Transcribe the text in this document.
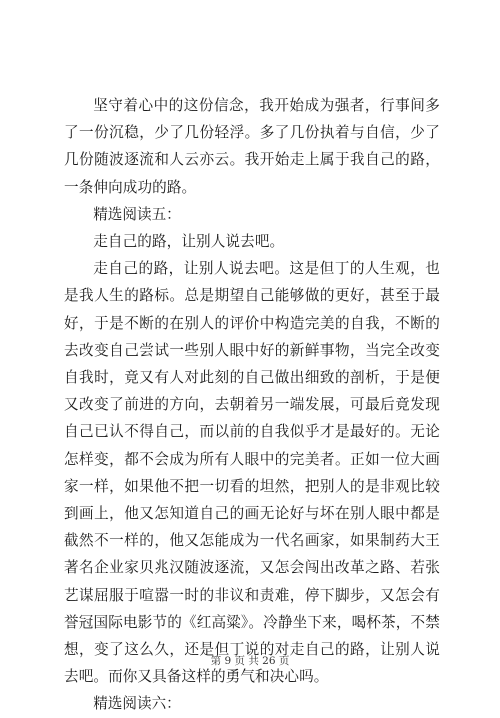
坚守着心中的这份信念，我开始成为强者，行事间多了一份沉稳，少了几份轻浮。多了几份执着与自信，少了几份随波逐流和人云亦云。我开始走上属于我自己的路，一条伸向成功的路。

精选阅读五：

走自己的路，让别人说去吧。

走自己的路，让别人说去吧。这是但丁的人生观，也是我人生的路标。总是期望自己能够做的更好，甚至于最好，于是不断的在别人的评价中构造完美的自我，不断的去改变自己尝试一些别人眼中好的新鲜事物，当完全改变自我时，竟又有人对此刻的自己做出细致的剖析，于是便又改变了前进的方向，去朝着另一端发展，可最后竟发现自己已认不得自己，而以前的自我似乎才是最好的。无论怎样变，都不会成为所有人眼中的完美者。正如一位大画家一样，如果他不把一切看的坦然，把别人的是非观比较到画上，他又怎知道自己的画无论好与坏在别人眼中都是截然不一样的，他又怎能成为一代名画家，如果制药大王著名企业家贝兆汉随波逐流，又怎会闯出改革之路、若张艺谋屈服于喧嚣一时的非议和责难，停下脚步，又怎会有誉冠国际电影节的《红高粱》。冷静坐下来，喝杯茶，不禁想，变了这么久，还是但丁说的对走自己的路，让别人说去吧。而你又具备这样的勇气和决心吗。

精选阅读六：

第 9 页 共 26 页
